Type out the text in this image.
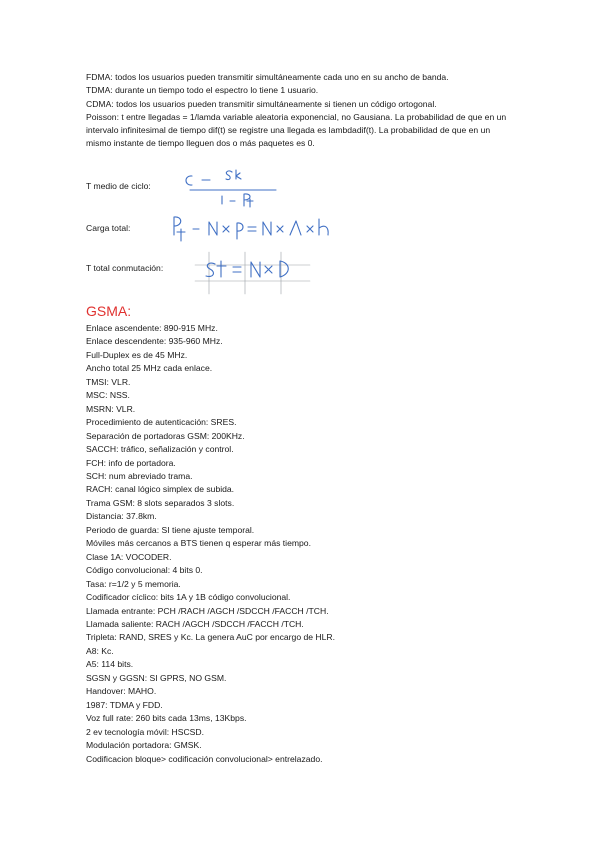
FDMA: todos los usuarios pueden transmitir simultáneamente cada uno en su ancho de banda.

TDMA: durante un tiempo todo el espectro lo tiene 1 usuario.

CDMA: todos los usuarios pueden transmitir simultáneamente si tienen un código ortogonal.

Poisson: t entre llegadas = 1/lamda variable aleatoria exponencial, no Gausiana. La probabilidad de que en un intervalo infinitesimal de tiempo dif(t) se registre una llegada es lambdadif(t). La probabilidad de que en un mismo instante de tiempo lleguen dos o más paquetes es 0.

T medio de ciclo:
Carga total:
T total conmutación:
GSMA:
Enlace ascendente: 890-915 MHz.
Enlace descendente: 935-960 MHz.
Full-Duplex es de 45 MHz.
Ancho total 25 MHz cada enlace.
TMSI: VLR.
MSC: NSS.
MSRN: VLR.
Procedimiento de autenticación: SRES.
Separación de portadoras GSM: 200KHz.
SACCH: tráfico, señalización y control.
FCH: info de portadora.
SCH: num abreviado trama.
RACH: canal lógico simplex de subida.
Trama GSM: 8 slots separados 3 slots.
Distancia: 37.8km.
Periodo de guarda: SI tiene ajuste temporal.
Móviles más cercanos a BTS tienen q esperar más tiempo.
Clase 1A: VOCODER.
Código convolucional: 4 bits 0.
Tasa: r=1/2 y 5 memoria.
Codificador cíclico: bits 1A y 1B código convolucional.
Llamada entrante: PCH /RACH /AGCH /SDCCH /FACCH /TCH.
Llamada saliente: RACH /AGCH /SDCCH /FACCH /TCH.
Tripleta: RAND, SRES y Kc. La genera AuC por encargo de HLR.
A8: Kc.
A5: 114 bits.
SGSN y GGSN: SI GPRS, NO GSM.
Handover: MAHO.
1987: TDMA y FDD.
Voz full rate: 260 bits cada 13ms, 13Kbps.
2 ev tecnología móvil: HSCSD.
Modulación portadora: GMSK.
Codificacion bloque> codificación convolucional> entrelazado.
